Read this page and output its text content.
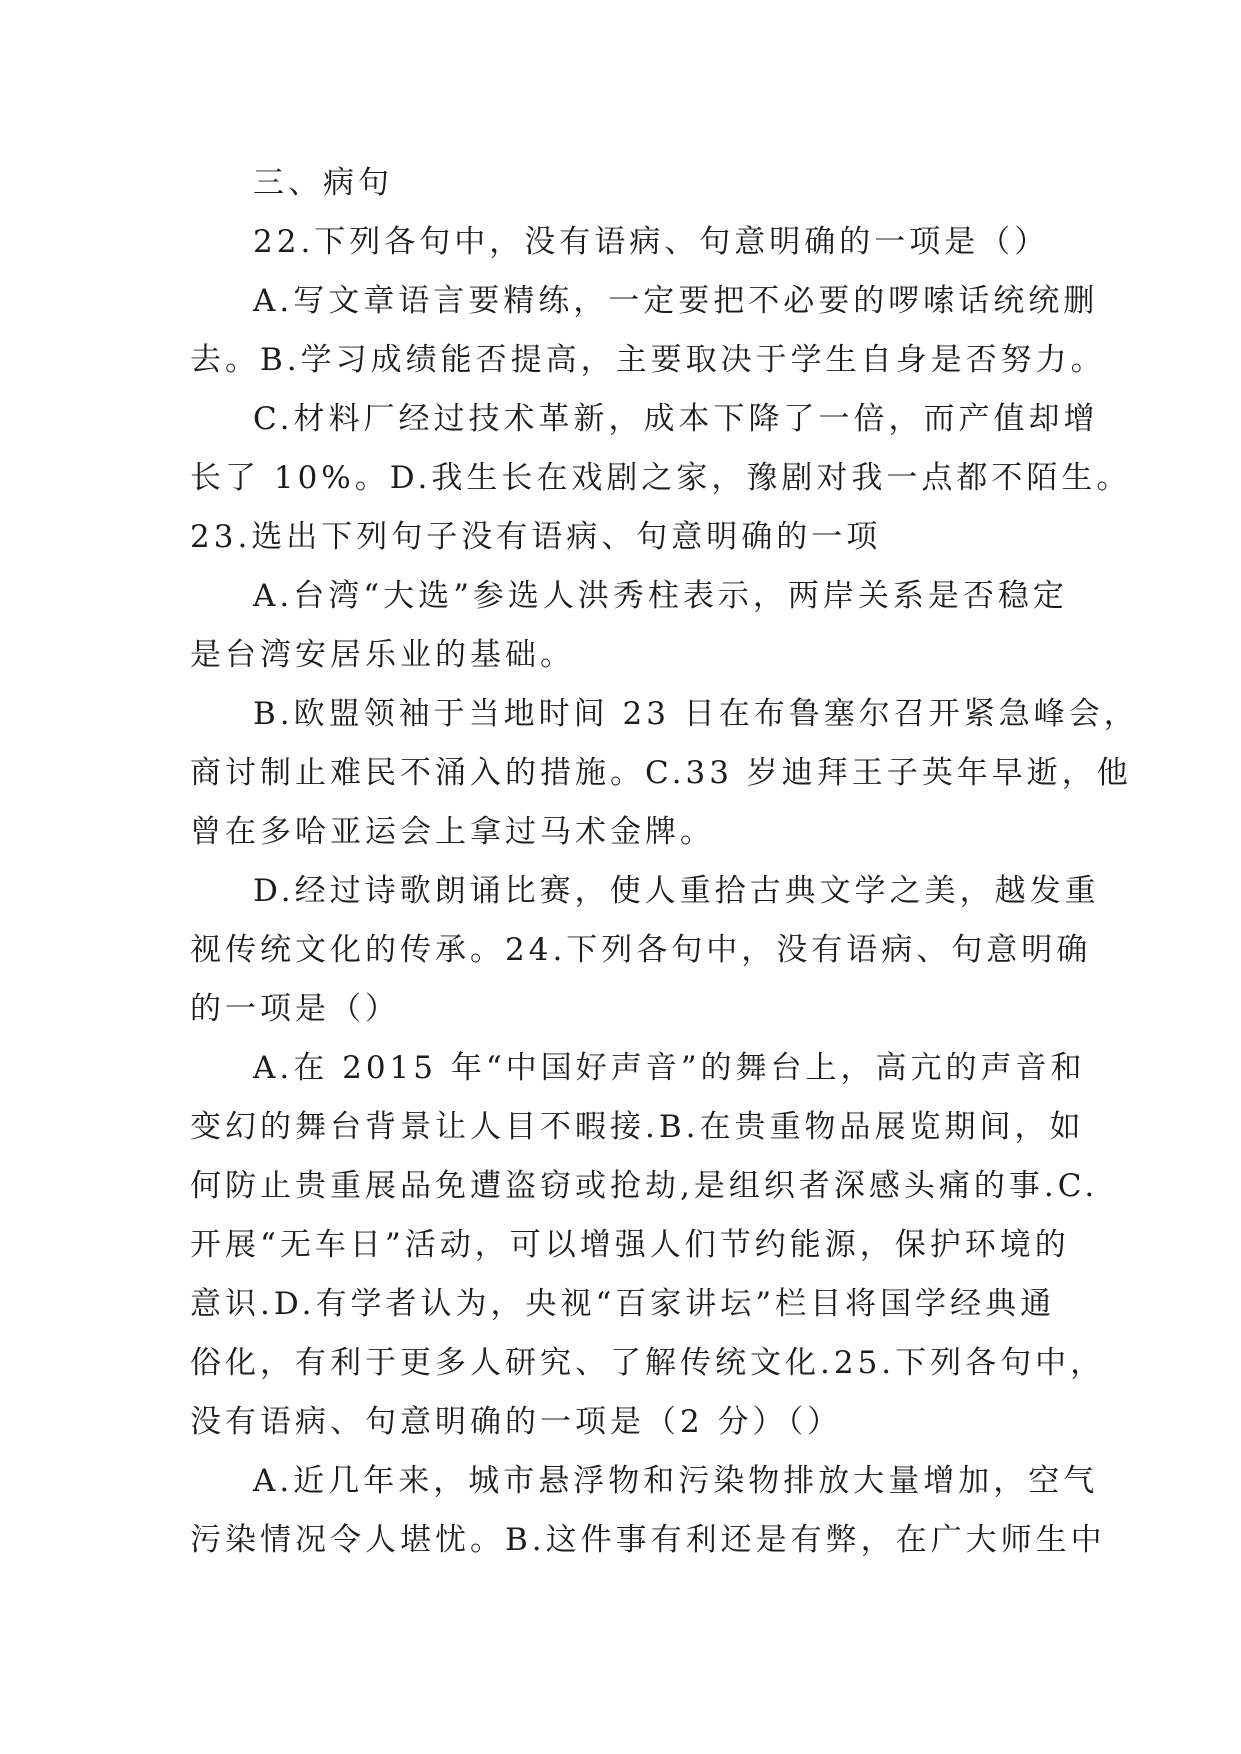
三、病句
22.下列各句中，没有语病、句意明确的一项是（）
A.写文章语言要精练，一定要把不必要的啰嗦话统统删
去。B.学习成绩能否提高，主要取决于学生自身是否努力。
C.材料厂经过技术革新，成本下降了一倍，而产值却增
长了 10%。D.我生长在戏剧之家，豫剧对我一点都不陌生。
23.选出下列句子没有语病、句意明确的一项
A.台湾“大选”参选人洪秀柱表示，两岸关系是否稳定
是台湾安居乐业的基础。
B.欧盟领袖于当地时间 23 日在布鲁塞尔召开紧急峰会，
商讨制止难民不涌入的措施。C.33 岁迪拜王子英年早逝，他
曾在多哈亚运会上拿过马术金牌。
D.经过诗歌朗诵比赛，使人重拾古典文学之美，越发重
视传统文化的传承。24.下列各句中，没有语病、句意明确
的一项是（）
A.在 2015 年“中国好声音”的舞台上，高亢的声音和
变幻的舞台背景让人目不暇接.B.在贵重物品展览期间，如
何防止贵重展品免遭盗窃或抢劫,是组织者深感头痛的事.C.
开展“无车日”活动，可以增强人们节约能源，保护环境的
意识.D.有学者认为，央视“百家讲坛”栏目将国学经典通
俗化，有利于更多人研究、了解传统文化.25.下列各句中，
没有语病、句意明确的一项是（2 分）（）
A.近几年来，城市悬浮物和污染物排放大量增加，空气
污染情况令人堪忧。B.这件事有利还是有弊，在广大师生中
